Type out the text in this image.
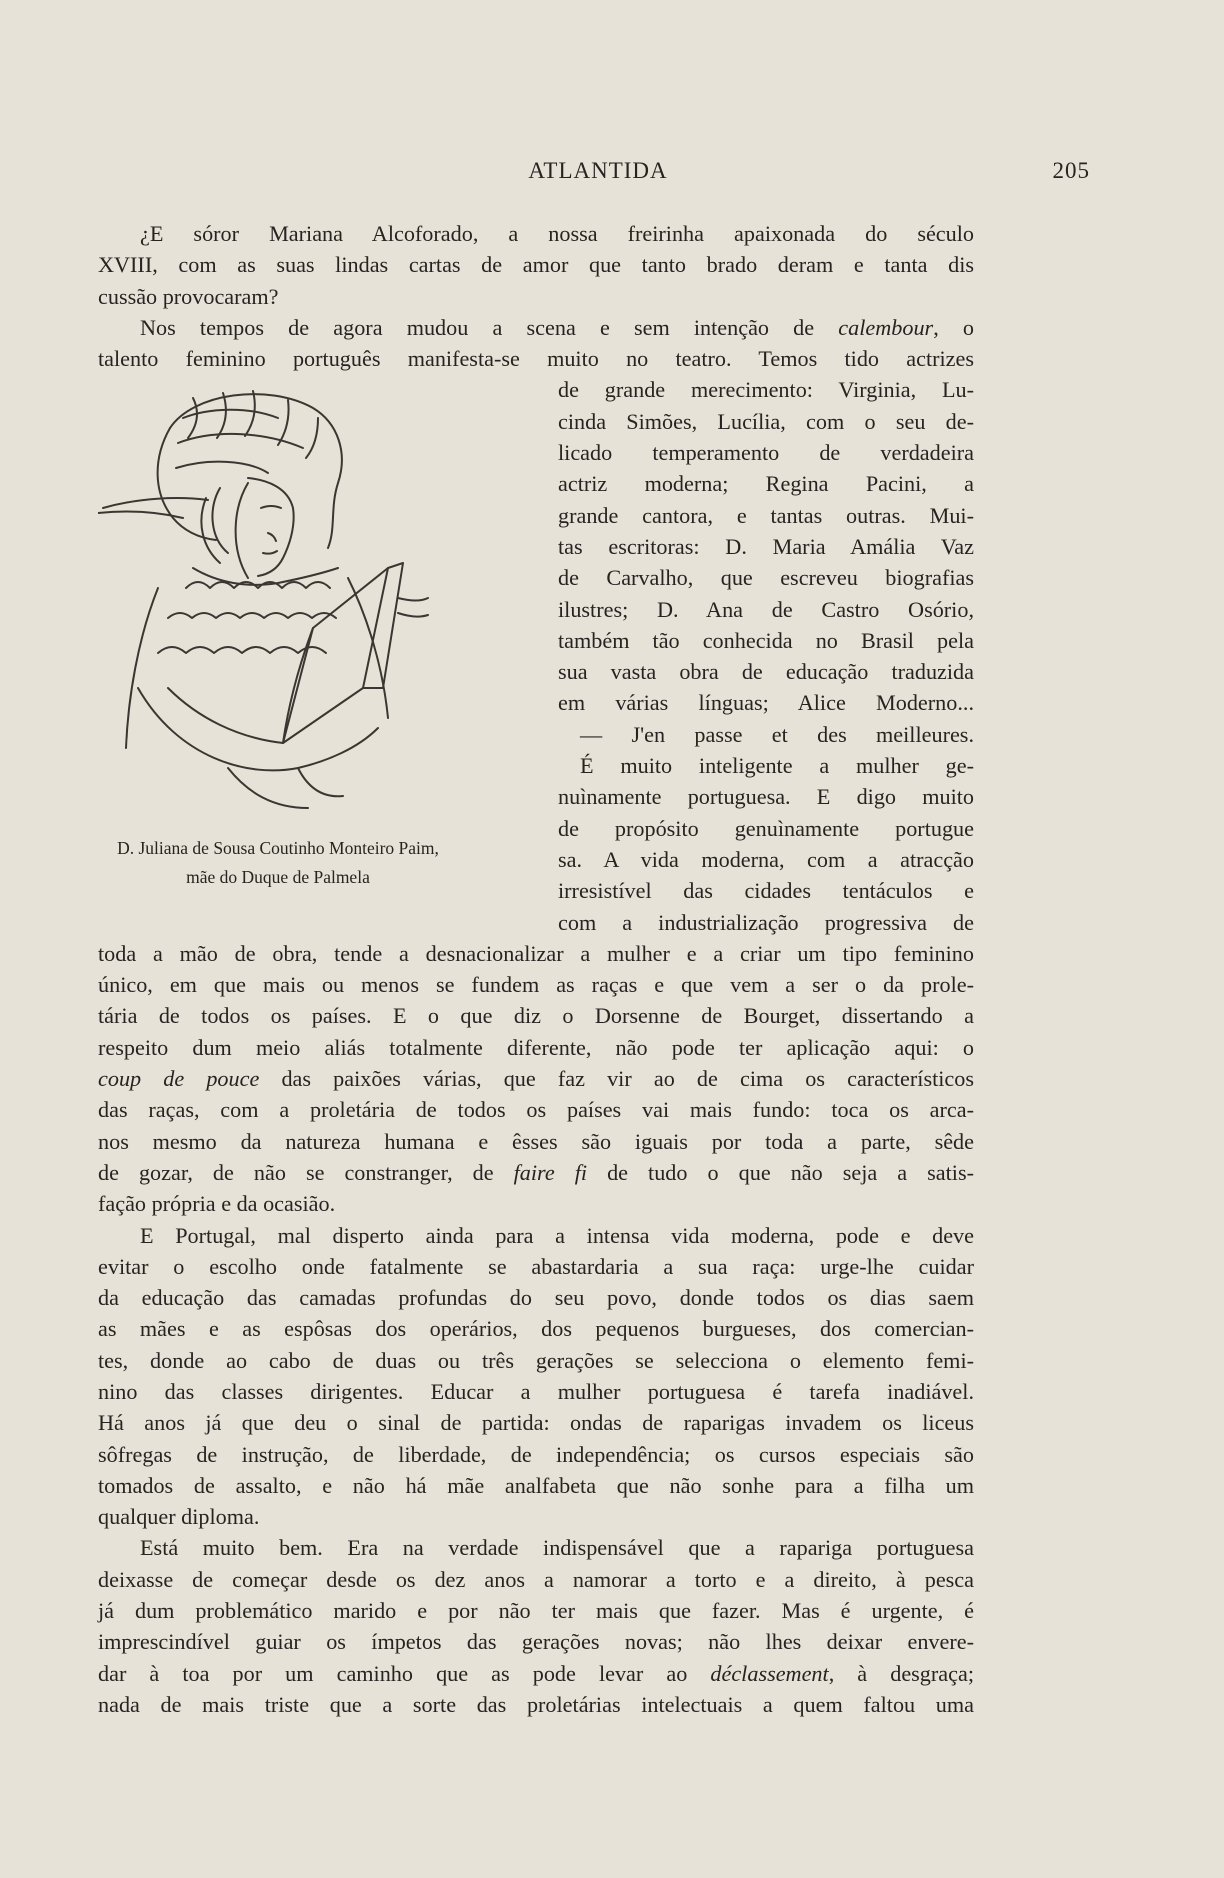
ATLANTIDA	205
D. Juliana de Sousa Coutinho Monteiro Paim,
mãe do Duque de Palmela
¿E sóror Mariana Alcoforado, a nossa freirinha apaixonada do século
XVIII, com as suas lindas cartas de amor que tanto brado deram e tanta dis
cussão provocaram?
Nos tempos de agora mudou a scena e sem intenção de calembour, o
talento feminino português manifesta-se muito no teatro. Temos tido actrizes
de grande merecimento: Virginia, Lu-
cinda Simões, Lucília, com o seu de-
licado temperamento de verdadeira
actriz moderna; Regina Pacini, a
grande cantora, e tantas outras. Mui-
tas escritoras: D. Maria Amália Vaz
de Carvalho, que escreveu biografias
ilustres; D. Ana de Castro Osório,
também tão conhecida no Brasil pela
sua vasta obra de educação traduzida
em várias línguas; Alice Moderno...
— J'en passe et des meilleures.
É muito inteligente a mulher ge-
nuìnamente portuguesa. E digo muito
de propósito genuìnamente portugue
sa. A vida moderna, com a atracção
irresistível das cidades tentáculos e
com a industrialização progressiva de
toda a mão de obra, tende a desnacionalizar a mulher e a criar um tipo feminino
único, em que mais ou menos se fundem as raças e que vem a ser o da prole-
tária de todos os países. E o que diz o Dorsenne de Bourget, dissertando a
respeito dum meio aliás totalmente diferente, não pode ter aplicação aqui: o
coup de pouce das paixões várias, que faz vir ao de cima os característicos
das raças, com a proletária de todos os países vai mais fundo: toca os arca-
nos mesmo da natureza humana e êsses são iguais por toda a parte, sêde
de gozar, de não se constranger, de faire fi de tudo o que não seja a satis-
fação própria e da ocasião.
E Portugal, mal disperto ainda para a intensa vida moderna, pode e deve
evitar o escolho onde fatalmente se abastardaria a sua raça: urge-lhe cuidar
da educação das camadas profundas do seu povo, donde todos os dias saem
as mães e as espôsas dos operários, dos pequenos burgueses, dos comercian-
tes, donde ao cabo de duas ou três gerações se selecciona o elemento femi-
nino das classes dirigentes. Educar a mulher portuguesa é tarefa inadiável.
Há anos já que deu o sinal de partida: ondas de raparigas invadem os liceus
sôfregas de instrução, de liberdade, de independência; os cursos especiais são
tomados de assalto, e não há mãe analfabeta que não sonhe para a filha um
qualquer diploma.
Está muito bem. Era na verdade indispensável que a rapariga portuguesa
deixasse de começar desde os dez anos a namorar a torto e a direito, à pesca
já dum problemático marido e por não ter mais que fazer. Mas é urgente, é
imprescindível guiar os ímpetos das gerações novas; não lhes deixar envere-
dar à toa por um caminho que as pode levar ao déclassement, à desgraça;
nada de mais triste que a sorte das proletárias intelectuais a quem faltou uma
